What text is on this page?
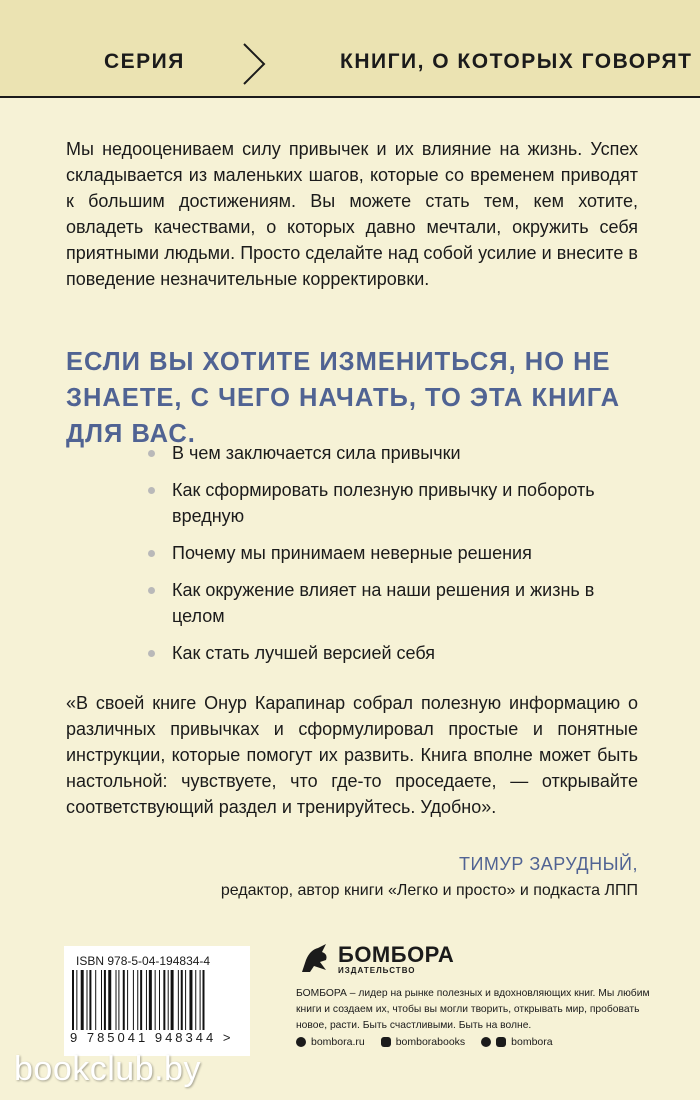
СЕРИЯ	КНИГИ, О КОТОРЫХ ГОВОРЯТ

Мы недооцениваем силу привычек и их влияние на жизнь. Успех складывается из маленьких шагов, которые со временем приводят к большим достижениям. Вы можете стать тем, кем хотите, овладеть качествами, о которых давно мечтали, окружить себя приятными людьми. Просто сделайте над собой усилие и внесите в поведение незначительные корректировки.

ЕСЛИ ВЫ ХОТИТЕ ИЗМЕНИТЬСЯ, НО НЕ ЗНАЕТЕ, С ЧЕГО НАЧАТЬ, ТО ЭТА КНИГА ДЛЯ ВАС.
В чем заключается сила привычки
Как сформировать полезную привычку и побороть вредную
Почему мы принимаем неверные решения
Как окружение влияет на наши решения и жизнь в целом
Как стать лучшей версией себя

«В своей книге Онур Карапинар собрал полезную информацию о различных привычках и сформулировал простые и понятные инструкции, которые помогут их развить. Книга вполне может быть настольной: чувствуете, что где-то проседаете, — открывайте соответствующий раздел и тренируйтесь. Удобно».

ТИМУР ЗАРУДНЫЙ,
редактор, автор книги «Легко и просто» и подкаста ЛПП
ISBN 978-5-04-194834-4
9 785041 948344 >
БОМБОРА
ИЗДАТЕЛЬСТВО

БОМБОРА – лидер на рынке полезных и вдохновляющих книг. Мы любим книги и создаем их, чтобы вы могли творить, открывать мир, пробовать новое, расти. Быть счастливыми. Быть на волне.

bombora.ru	bomborabooks	bombora
bookclub.by
